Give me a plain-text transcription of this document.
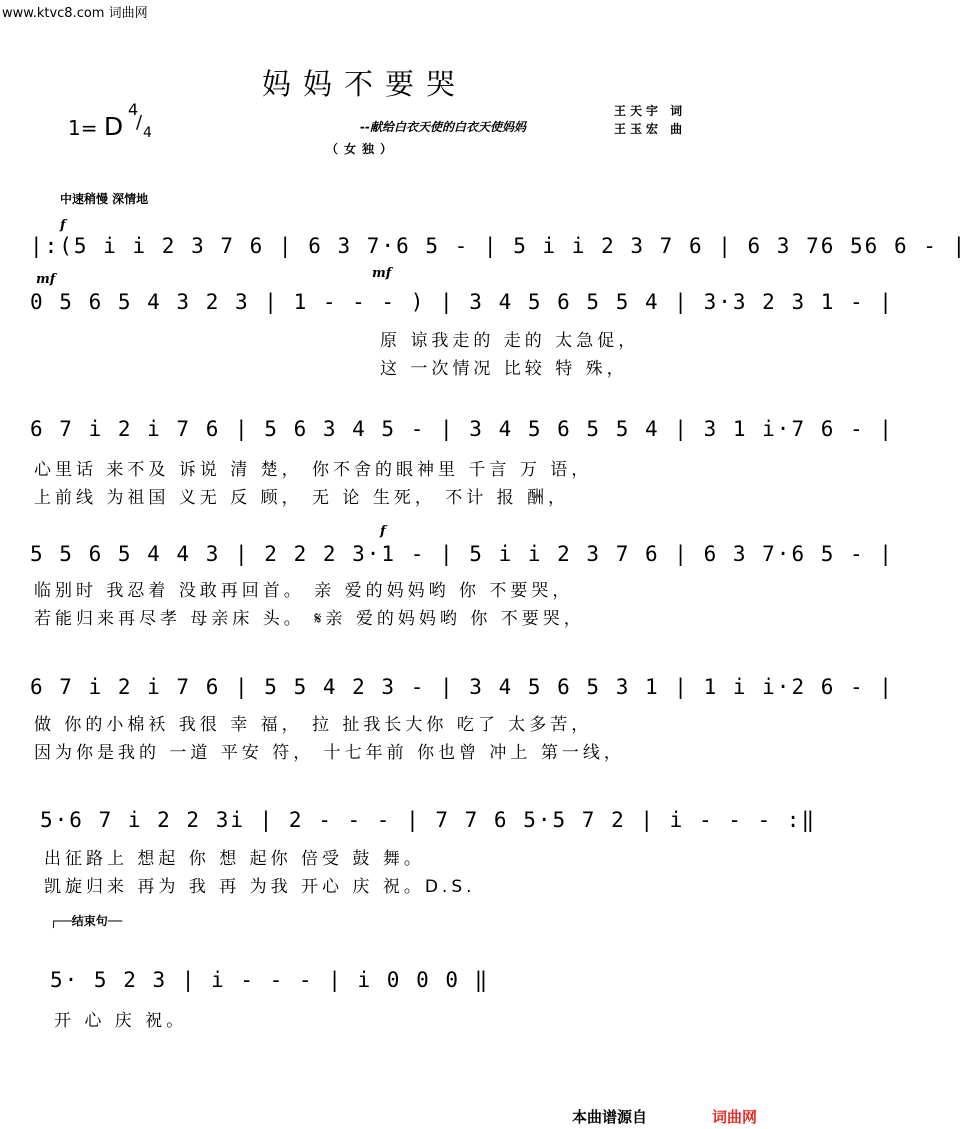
www.ktvc8.com 词曲网
妈妈不要哭
1= D
4
/ 4	--献给白衣天使的白衣天使妈妈
王天宇 词
王玉宏 曲
（女独）
中速稍慢 深情地
f
|:(5 i i 2 3 7 6 | 6 3 7·6 5 - | 5 i i 2 3 7 6 | 6 3 76 56 6 - |
mf	mf
0 5 6 5 4 3 2 3 | 1 - - - ) | 3 4 5 6 5 5 4 | 3·3 2 3 1 - |
原 谅我走的 走的 太急促，
这 一次情况 比较 特 殊，
6 7 i 2 i 7 6 | 5 6 3 4 5 - | 3 4 5 6 5 5 4 | 3 1 i·7 6 - |
心里话 来不及 诉说 清 楚， 你不舍的眼神里 千言 万 语，
上前线 为祖国 义无 反 顾， 无 论 生死， 不计 报 酬，
f
5 5 6 5 4 4 3 | 2 2 2 3·1 - | 5 i i 2 3 7 6 | 6 3 7·6 5 - |
临别时 我忍着 没敢再回首。 亲 爱的妈妈哟 你 不要哭，
若能归来再尽孝 母亲床 头。 𝄋亲 爱的妈妈哟 你 不要哭，
6 7 i 2 i 7 6 | 5 5 4 2 3 - | 3 4 5 6 5 3 1 | 1 i i·2 6 - |
做 你的小棉袄 我很 幸 福， 拉 扯我长大你 吃了 太多苦，
因为你是我的 一道 平安 符， 十七年前 你也曾 冲上 第一线，
5·6 7 i 2 2 3i | 2 - - - | 7 7 6 5·5 7 2 | i - - - :‖
出征路上 想起 你 想 起你 倍受 鼓 舞。
凯旋归来 再为 我 再 为我 开心 庆 祝。D.S.
┌──结束句──
5· 5 2 3 | i - - - | i 0 0 0 ‖
开 心 庆 祝。
本曲谱源自	词曲网
